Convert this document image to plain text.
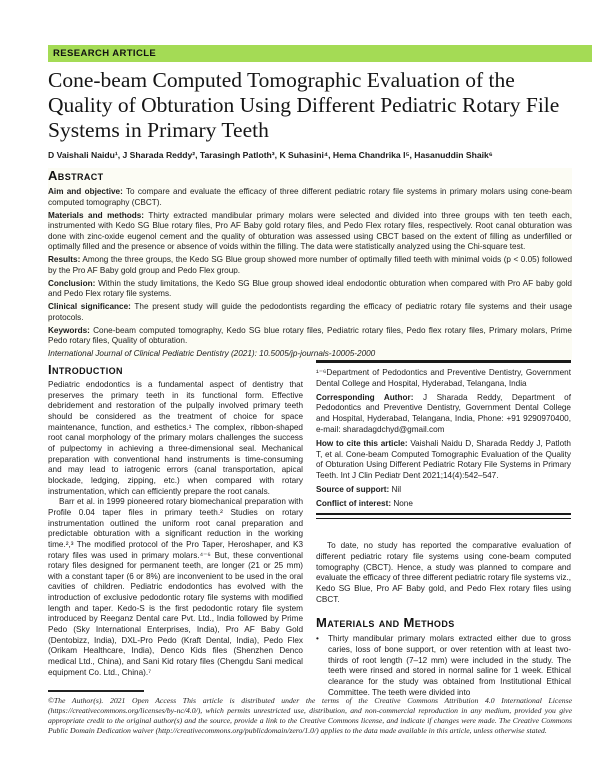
RESEARCH ARTICLE
Cone-beam Computed Tomographic Evaluation of the Quality of Obturation Using Different Pediatric Rotary File Systems in Primary Teeth
D Vaishali Naidu¹, J Sharada Reddy², Tarasingh Patloth³, K Suhasini⁴, Hema Chandrika I⁵, Hasanuddin Shaik⁶
Abstract

Aim and objective: To compare and evaluate the efficacy of three different pediatric rotary file systems in primary molars using cone-beam computed tomography (CBCT).

Materials and methods: Thirty extracted mandibular primary molars were selected and divided into three groups with ten teeth each, instrumented with Kedo SG Blue rotary files, Pro AF Baby gold rotary files, and Pedo Flex rotary files, respectively. Root canal obturation was done with zinc-oxide eugenol cement and the quality of obturation was assessed using CBCT based on the extent of filling as underfilled or optimally filled and the presence or absence of voids within the filling. The data were statistically analyzed using the Chi-square test.

Results: Among the three groups, the Kedo SG Blue group showed more number of optimally filled teeth with minimal voids (p < 0.05) followed by the Pro AF Baby gold group and Pedo Flex group.

Conclusion: Within the study limitations, the Kedo SG Blue group showed ideal endodontic obturation when compared with Pro AF baby gold and Pedo Flex rotary file systems.

Clinical significance: The present study will guide the pedodontists regarding the efficacy of pediatric rotary file systems and their usage protocols.

Keywords: Cone-beam computed tomography, Kedo SG blue rotary files, Pediatric rotary files, Pedo flex rotary files, Primary molars, Prime Pedo rotary files, Quality of obturation.

International Journal of Clinical Pediatric Dentistry (2021): 10.5005/jp-journals-10005-2000
Introduction

Pediatric endodontics is a fundamental aspect of dentistry that preserves the primary teeth in its functional form. Effective debridement and restoration of the pulpally involved primary teeth should be considered as the treatment of choice for space maintenance, function, and esthetics.¹ The complex, ribbon-shaped root canal morphology of the primary molars challenges the success of pulpectomy in achieving a three-dimensional seal. Mechanical preparation with conventional hand instruments is time-consuming and may lead to iatrogenic errors (canal transportation, apical blockade, ledging, zipping, etc.) when compared with rotary instrumentation, which can efficiently prepare the root canals.

Barr et al. in 1999 pioneered rotary biomechanical preparation with Profile 0.04 taper files in primary teeth.² Studies on rotary instrumentation outlined the uniform root canal preparation and predictable obturation with a significant reduction in the working time.²,³ The modified protocol of the Pro Taper, Heroshaper, and K3 rotary files was used in primary molars.⁴⁻⁶ But, these conventional rotary files designed for permanent teeth, are longer (21 or 25 mm) with a constant taper (6 or 8%) are inconvenient to be used in the oral cavities of children. Pediatric endodontics has evolved with the introduction of exclusive pedodontic rotary file systems with modified length and taper. Kedo-S is the first pedodontic rotary file system introduced by Reeganz Dental care Pvt. Ltd., India followed by Prime Pedo (Sky International Enterprises, India), Pro AF Baby Gold (Dentobizz, India), DXL-Pro Pedo (Kraft Dental, India), Pedo Flex (Orikam Healthcare, India), Denco Kids files (Shenzhen Denco medical Ltd., China), and Sani Kid rotary files (Chengdu Sani medical equipment Co. Ltd., China).⁷

¹⁻⁶Department of Pedodontics and Preventive Dentistry, Government Dental College and Hospital, Hyderabad, Telangana, India

Corresponding Author: J Sharada Reddy, Department of Pedodontics and Preventive Dentistry, Government Dental College and Hospital, Hyderabad, Telangana, India, Phone: +91 9290970400, e-mail: sharadagdchyd@gmail.com

How to cite this article: Vaishali Naidu D, Sharada Reddy J, Patloth T, et al. Cone-beam Computed Tomographic Evaluation of the Quality of Obturation Using Different Pediatric Rotary File Systems in Primary Teeth. Int J Clin Pediatr Dent 2021;14(4):542–547.

Source of support: Nil

Conflict of interest: None

To date, no study has reported the comparative evaluation of different pediatric rotary file systems using cone-beam computed tomography (CBCT). Hence, a study was planned to compare and evaluate the efficacy of three different pediatric rotary file systems viz., Kedo SG Blue, Pro AF Baby gold, and Pedo Flex rotary files using CBCT.

Materials and Methods
•	Thirty mandibular primary molars extracted either due to gross caries, loss of bone support, or over retention with at least two-thirds of root length (7–12 mm) were included in the study. The teeth were rinsed and stored in normal saline for 1 week. Ethical clearance for the study was obtained from Institutional Ethical Committee. The teeth were divided into

©The Author(s). 2021 Open Access This article is distributed under the terms of the Creative Commons Attribution 4.0 International License (https://creativecommons.org/licenses/by-nc/4.0/), which permits unrestricted use, distribution, and non-commercial reproduction in any medium, provided you give appropriate credit to the original author(s) and the source, provide a link to the Creative Commons license, and indicate if changes were made. The Creative Commons Public Domain Dedication waiver (http://creativecommons.org/publicdomain/zero/1.0/) applies to the data made available in this article, unless otherwise stated.
